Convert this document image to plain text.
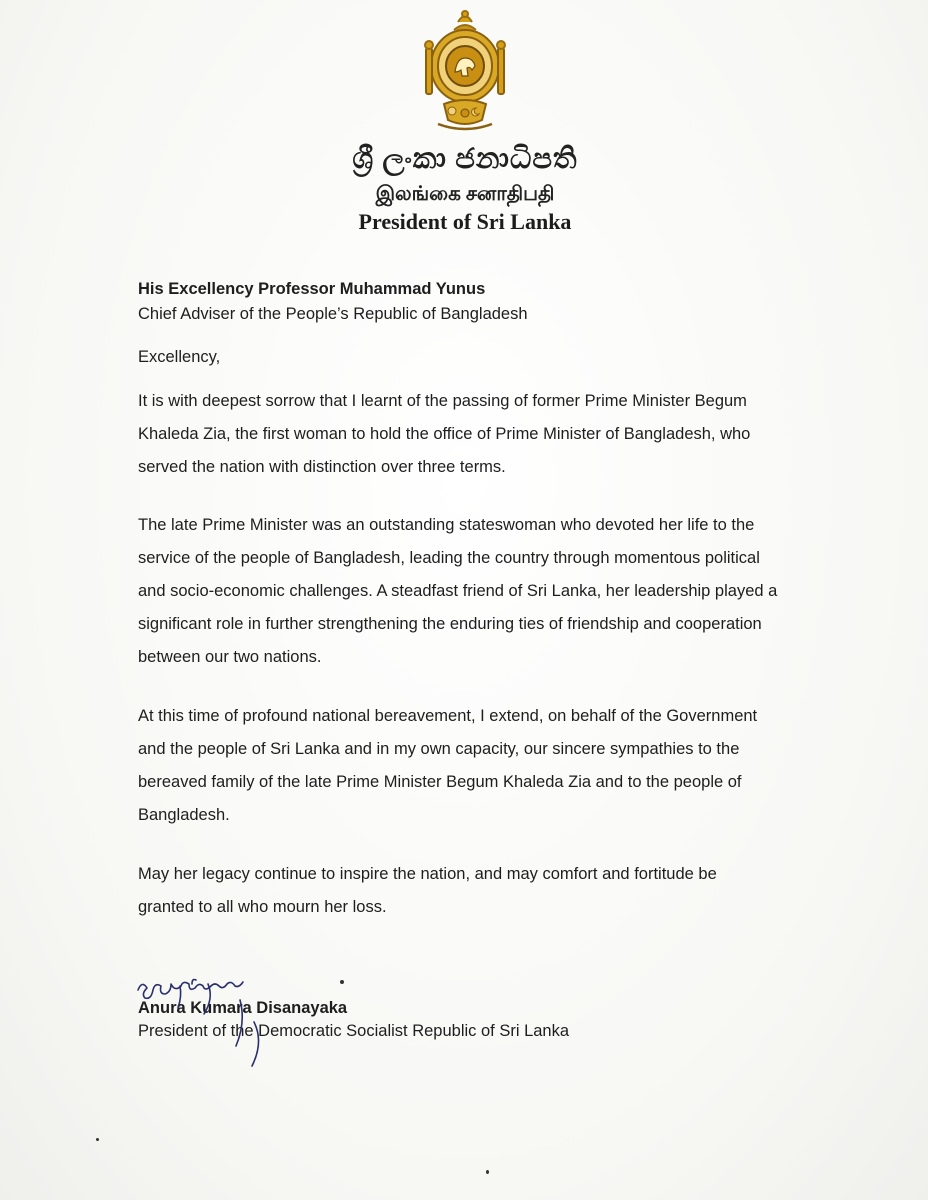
ශ්‍රී ලංකා ජනාධිපති
இலங்கை சனாதிபதி
President of Sri Lanka
His Excellency Professor Muhammad Yunus
Chief Adviser of the People’s Republic of Bangladesh
Excellency,
It is with deepest sorrow that I learnt of the passing of former Prime Minister Begum
Khaleda Zia, the first woman to hold the office of Prime Minister of Bangladesh, who
served the nation with distinction over three terms.
The late Prime Minister was an outstanding stateswoman who devoted her life to the
service of the people of Bangladesh, leading the country through momentous political
and socio-economic challenges. A steadfast friend of Sri Lanka, her leadership played a
significant role in further strengthening the enduring ties of friendship and cooperation
between our two nations.
At this time of profound national bereavement, I extend, on behalf of the Government
and the people of Sri Lanka and in my own capacity, our sincere sympathies to the
bereaved family of the late Prime Minister Begum Khaleda Zia and to the people of
Bangladesh.
May her legacy continue to inspire the nation, and may comfort and fortitude be
granted to all who mourn her loss.
Anura Kumara Disanayaka
President of the Democratic Socialist Republic of Sri Lanka
